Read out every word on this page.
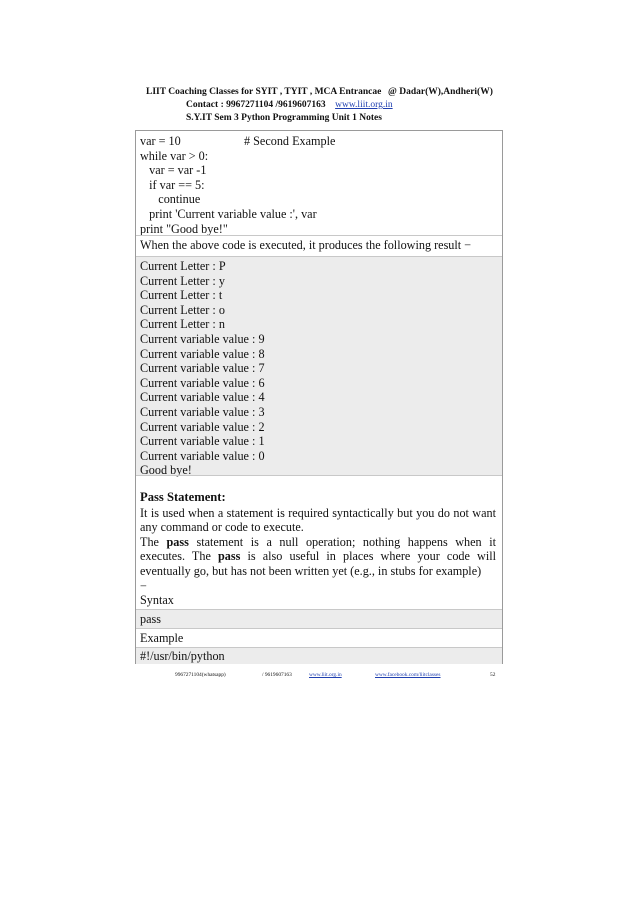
LIIT Coaching Classes for SYIT , TYIT , MCA Entrancae @ Dadar(W),Andheri(W)
Contact : 9967271104 /9619607163 www.liit.org.in
S.Y.IT Sem 3 Python Programming Unit 1 Notes
var = 10
while var > 0:
var = var -1
if var == 5:
continue
print 'Current variable value :', var
print "Good bye!"
# Second Example
When the above code is executed, it produces the following result −
Current Letter : P
Current Letter : y
Current Letter : t
Current Letter : o
Current Letter : n
Current variable value : 9
Current variable value : 8
Current variable value : 7
Current variable value : 6
Current variable value : 4
Current variable value : 3
Current variable value : 2
Current variable value : 1
Current variable value : 0
Good bye!
Pass Statement:

It is used when a statement is required syntactically but you do not want any command or code to execute.

The pass statement is a null operation; nothing happens when it executes. The pass is also useful in places where your code will eventually go, but has not been written yet (e.g., in stubs for example)

−

pass
Example
#!/usr/bin/python
Syntax
9967271104(whatsapp)	/ 9619607163	www.liit.org.in	www.facebook.com/liitclasses	52
